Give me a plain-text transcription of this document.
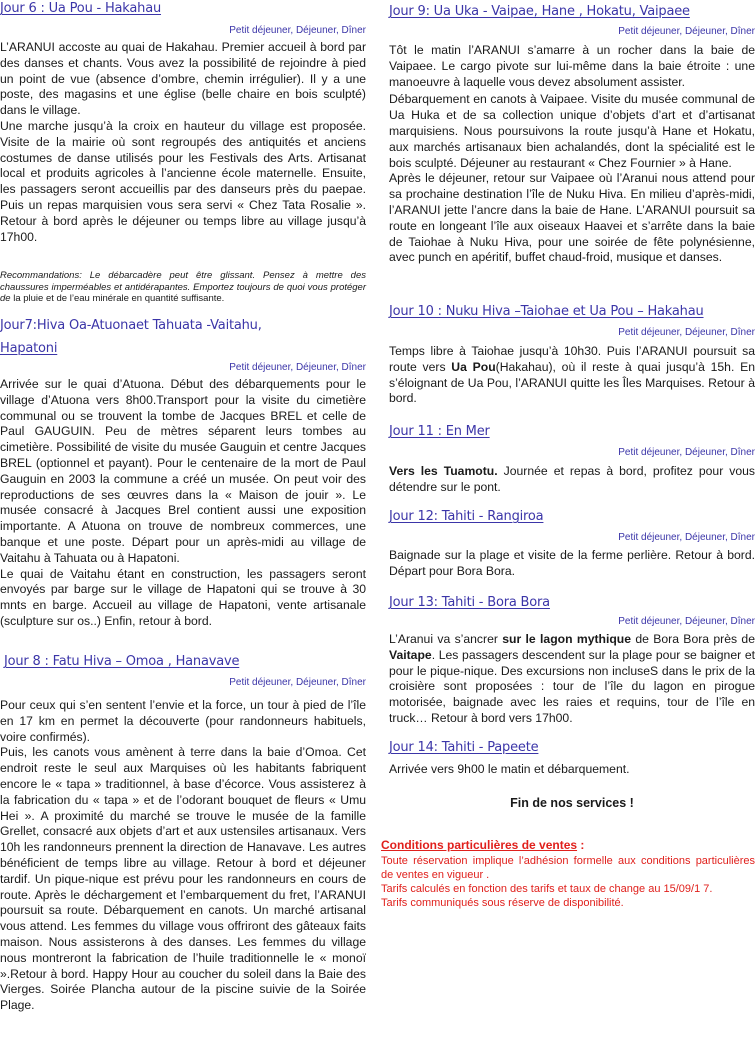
Jour 6 : Ua Pou - Hakahau
Petit déjeuner, Déjeuner, Dîner

L’ARANUI accoste au quai de Hakahau. Premier accueil à bord par des danses et chants. Vous avez la possibilité de rejoindre à pied un point de vue (absence d’ombre, chemin irrégulier). Il y a une poste, des magasins et une église (belle chaire en bois sculpté) dans le village.

Une marche jusqu’à la croix en hauteur du village est proposée. Visite de la mairie où sont regroupés des antiquités et anciens costumes de danse utilisés pour les Festivals des Arts. Artisanat local et produits agricoles à l’ancienne école maternelle. Ensuite, les passagers seront accueillis par des danseurs près du paepae. Puis un repas marquisien vous sera servi « Chez Tata Rosalie ». Retour à bord après le déjeuner ou temps libre au village jusqu’à 17h00.

Recommandations: Le débarcadère peut être glissant. Pensez à mettre des chaussures imperméables et antidérapantes. Emportez toujours de quoi vous protéger de la pluie et de l’eau minérale en quantité suffisante.

Jour7:Hiva Oa-Atuonaet Tahuata -Vaitahu,
Hapatoni
Petit déjeuner, Déjeuner, Dîner

Arrivée sur le quai d’Atuona. Début des débarquements pour le village d’Atuona vers 8h00.Transport pour la visite du cimetière communal ou se trouvent la tombe de Jacques BREL et celle de Paul GAUGUIN. Peu de mètres séparent leurs tombes au cimetière. Possibilité de visite du musée Gauguin et centre Jacques BREL (optionnel et payant). Pour le centenaire de la mort de Paul Gauguin en 2003 la commune a créé un musée. On peut voir des reproductions de ses œuvres dans la « Maison de jouir ». Le musée consacré à Jacques Brel contient aussi une exposition importante. A Atuona on trouve de nombreux commerces, une banque et une poste. Départ pour un après-midi au village de Vaitahu à Tahuata ou à Hapatoni.

Le quai de Vaitahu étant en construction, les passagers seront envoyés par barge sur le village de Hapatoni qui se trouve à 30 mnts en barge. Accueil au village de Hapatoni, vente artisanale (sculpture sur os..) Enfin, retour à bord.

Jour 8 : Fatu Hiva – Omoa , Hanavave
Petit déjeuner, Déjeuner, Dîner

Pour ceux qui s’en sentent l’envie et la force, un tour à pied de l’île en 17 km en permet la découverte (pour randonneurs habituels, voire confirmés).

Puis, les canots vous amènent à terre dans la baie d’Omoa. Cet endroit reste le seul aux Marquises où les habitants fabriquent encore le « tapa » traditionnel, à base d’écorce. Vous assisterez à la fabrication du « tapa » et de l’odorant bouquet de fleurs « Umu Hei ». A proximité du marché se trouve le musée de la famille Grellet, consacré aux objets d’art et aux ustensiles artisanaux. Vers 10h les randonneurs prennent la direction de Hanavave. Les autres bénéficient de temps libre au village. Retour à bord et déjeuner tardif. Un pique-nique est prévu pour les randonneurs en cours de route. Après le déchargement et l’embarquement du fret, l’ARANUI poursuit sa route. Débarquement en canots. Un marché artisanal vous attend. Les femmes du village vous offriront des gâteaux faits maison. Nous assisterons à des danses. Les femmes du village nous montreront la fabrication de l’huile traditionnelle le « monoï ».Retour à bord. Happy Hour au coucher du soleil dans la Baie des Vierges. Soirée Plancha autour de la piscine suivie de la Soirée Plage.

Jour 9: Ua Uka - Vaipae, Hane , Hokatu, Vaipaee
Petit déjeuner, Déjeuner, Dîner

Tôt le matin l’ARANUI s’amarre à un rocher dans la baie de Vaipaee. Le cargo pivote sur lui-même dans la baie étroite : une manoeuvre à laquelle vous devez absolument assister.

Débarquement en canots à Vaipaee. Visite du musée communal de Ua Huka et de sa collection unique d’objets d’art et d’artisanat marquisiens. Nous poursuivons la route jusqu’à Hane et Hokatu, aux marchés artisanaux bien achalandés, dont la spécialité est le bois sculpté. Déjeuner au restaurant « Chez Fournier » à Hane.

Après le déjeuner, retour sur Vaipaee où l’Aranui nous attend pour sa prochaine destination l’île de Nuku Hiva. En milieu d’après-midi, l’ARANUI jette l’ancre dans la baie de Hane. L’ARANUI poursuit sa route en longeant l’île aux oiseaux Haavei et s’arrête dans la baie de Taiohae à Nuku Hiva, pour une soirée de fête polynésienne, avec punch en apéritif, buffet chaud-froid, musique et danses.

Jour 10 : Nuku Hiva –Taiohae et Ua Pou – Hakahau
Petit déjeuner, Déjeuner, Dîner

Temps libre à Taiohae jusqu’à 10h30. Puis l’ARANUI poursuit sa route vers Ua Pou(Hakahau), où il reste à quai jusqu’à 15h. En s’éloignant de Ua Pou, l’ARANUI quitte les Îles Marquises. Retour à bord.

Jour 11 : En Mer
Petit déjeuner, Déjeuner, Dîner

Vers les Tuamotu. Journée et repas à bord, profitez pour vous détendre sur le pont.

Jour 12: Tahiti - Rangiroa
Petit déjeuner, Déjeuner, Dîner

Baignade sur la plage et visite de la ferme perlière. Retour à bord. Départ pour Bora Bora.

Jour 13: Tahiti - Bora Bora
Petit déjeuner, Déjeuner, Dîner

L’Aranui va s’ancrer sur le lagon mythique de Bora Bora près de Vaitape. Les passagers descendent sur la plage pour se baigner et pour le pique-nique. Des excursions non incluseS dans le prix de la croisière sont proposées : tour de l’île du lagon en pirogue motorisée, baignade avec les raies et requins, tour de l’île en truck… Retour à bord vers 17h00.

Jour 14: Tahiti - Papeete

Arrivée vers 9h00 le matin et débarquement.

Fin de nos services !
Conditions particulières de ventes :

Toute réservation implique l’adhésion formelle aux conditions particulières de ventes en vigueur .

Tarifs calculés en fonction des tarifs et taux de change au 15/09/1 7.

Tarifs communiqués sous réserve de disponibilité.
